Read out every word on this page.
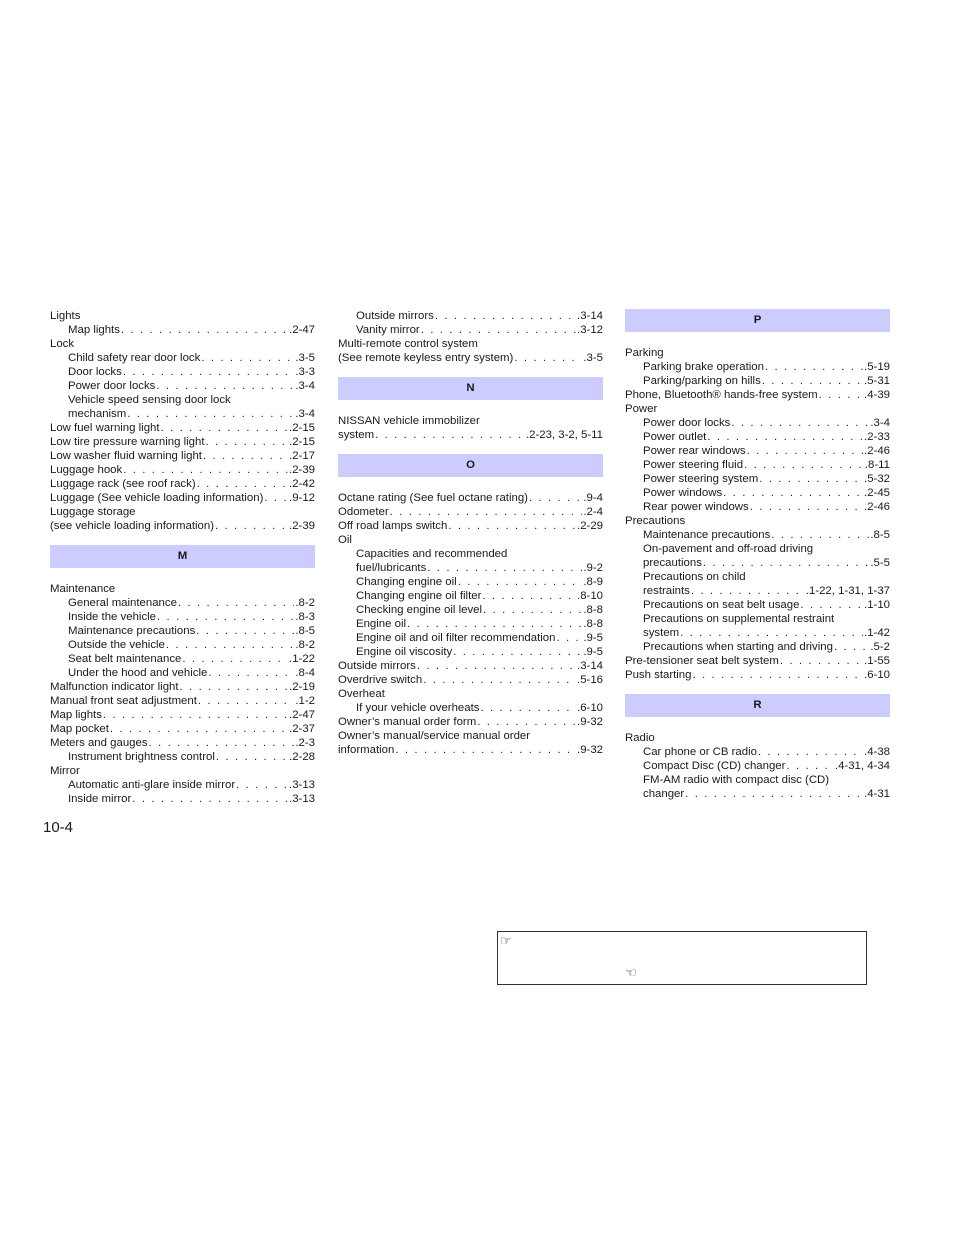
Lights
Map lights . . .	.2-47
Lock
Child safety rear door lock . . .	.3-5
Door locks . . .	.3-3
Power door locks . . .	.3-4
Vehicle speed sensing door lock
mechanism . . .	.3-4
Low fuel warning light . . .	.2-15
Low tire pressure warning light . . .	.2-15
Low washer fluid warning light . . .	.2-17
Luggage hook . . .	.2-39
Luggage rack (see roof rack) . . .	.2-42
Luggage (See vehicle loading information) . . . .9-12
Luggage storage
(see vehicle loading information) . . .	.2-39
M
Maintenance
General maintenance . . .	.8-2
Inside the vehicle . . .	.8-3
Maintenance precautions . . .	.8-5
Outside the vehicle . . .	.8-2
Seat belt maintenance . . .	.1-22
Under the hood and vehicle . . .	.8-4
Malfunction indicator light . . .	.2-19
Manual front seat adjustment . . .	.1-2
Map lights . . .	.2-47
Map pocket . . .	.2-37
Meters and gauges . . .	.2-3
Instrument brightness control . . .	.2-28
Mirror
Automatic anti-glare inside mirror . . .	.3-13
Inside mirror . . .	.3-13
Outside mirrors . . .	.3-14
Vanity mirror . . .	.3-12
Multi-remote control system
(See remote keyless entry system) . . .	.3-5
N
NISSAN vehicle immobilizer
system . . .	.2-23, 3-2, 5-11
O
Octane rating (See fuel octane rating) . . .	.9-4
Odometer . . .	.2-4
Off road lamps switch . . .	.2-29
Oil
Capacities and recommended
fuel/lubricants . . .	.9-2
Changing engine oil . . .	.8-9
Changing engine oil filter . . .	.8-10
Checking engine oil level . . .	.8-8
Engine oil . . .	.8-8
Engine oil and oil filter recommendation . . . .9-5
Engine oil viscosity . . .	.9-5
Outside mirrors . . .	.3-14
Overdrive switch . . .	.5-16
Overheat
If your vehicle overheats . . .	.6-10
Owner’s manual order form . . .	.9-32
Owner’s manual/service manual order
information . . .	.9-32
P
Parking
Parking brake operation . . .	.5-19
Parking/parking on hills . . .	.5-31
Phone, Bluetooth® hands-free system . . .	.4-39
Power
Power door locks . . .	.3-4
Power outlet . . .	.2-33
Power rear windows . . .	.2-46
Power steering fluid . . .	.8-11
Power steering system . . .	.5-32
Power windows . . .	.2-45
Rear power windows . . .	.2-46
Precautions
Maintenance precautions . . .	.8-5
On-pavement and off-road driving
precautions . . .	.5-5
Precautions on child
restraints . . .	.1-22, 1-31, 1-37
Precautions on seat belt usage . . .	.1-10
Precautions on supplemental restraint
system . . .	.1-42
Precautions when starting and driving . . .	.5-2
Pre-tensioner seat belt system . . .	.1-55
Push starting . . .	.6-10
R
Radio
Car phone or CB radio . . .	.4-38
Compact Disc (CD) changer . . .	.4-31, 4-34
FM-AM radio with compact disc (CD)
changer . . .	.4-31
10-4
☞
☜
